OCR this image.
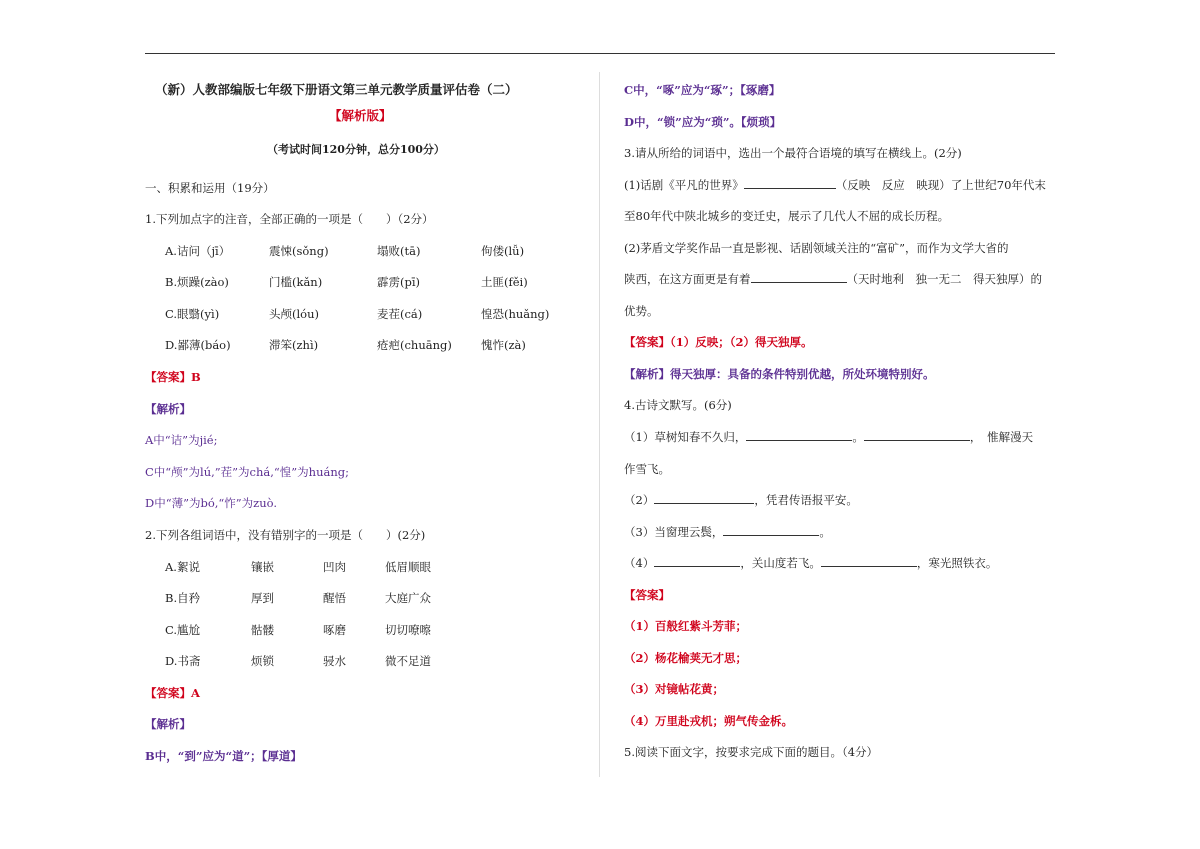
（新）人教部编版七年级下册语文第三单元教学质量评估卷（二）
【解析版】
（考试时间120分钟，总分100分）
一、积累和运用（19分）
1.下列加点字的注音，全部正确的一项是（　　）（2分）
A.诘问（jī）	震悚(sǒng)	塌败(tā)	佝偻(lǚ)
B.烦躁(zào)	门槛(kǎn)	霹雳(pī)	土匪(fěi)
C.眼翳(yì)	头颅(lóu)	麦茬(cá)	惶恐(huǎng)
D.鄙薄(báo)	滞笨(zhì)	疮疤(chuāng)	愧怍(zà)
【答案】B
【解析】
A中“诘”为jié;
C中“颅”为lú,”茬”为chá,“惶”为huáng;
D中“薄”为bó,“怍”为zuò.
2.下列各组词语中，没有错别字的一项是（　　）(2分)
A.絮说	镶嵌	凹肉	低眉顺眼
B.自矜	厚到	醒悟	大庭广众
C.尴尬	骷髅	啄磨	切切嘹嚓
D.书斋	烦锁	骎水	微不足道
【答案】A
【解析】
B中，“到”应为“道”；【厚道】
C中，“啄”应为“琢”；【琢磨】
D中，“锁”应为“琐”。【烦琐】
3.请从所给的词语中，选出一个最符合语境的填写在横线上。(2分)
(1)话剧《平凡的世界》	（反映　反应　映现）了上世纪70年代末
至80年代中陕北城乡的变迁史，展示了几代人不屈的成长历程。
(2)茅盾文学奖作品一直是影视、话剧领域关注的“富矿”，而作为文学大省的
陕西，在这方面更是有着	（天时地利　独一无二　得天独厚）的
优势。
【答案】（1）反映；（2）得天独厚。
【解析】得天独厚：具备的条件特别优越，所处环境特别好。
4.古诗文默写。(6分)
（1）草树知春不久归，	。	，　惟解漫天
作雪飞。
（2）	，凭君传语报平安。
（3）当窗理云鬓，	。
（4）	，关山度若飞。	，寒光照铁衣。
【答案】
（1）百般红紫斗芳菲；
（2）杨花榆荚无才思；
（3）对镜帖花黄；
（4）万里赴戎机；朔气传金柝。
5.阅读下面文字，按要求完成下面的题目。（4分）
